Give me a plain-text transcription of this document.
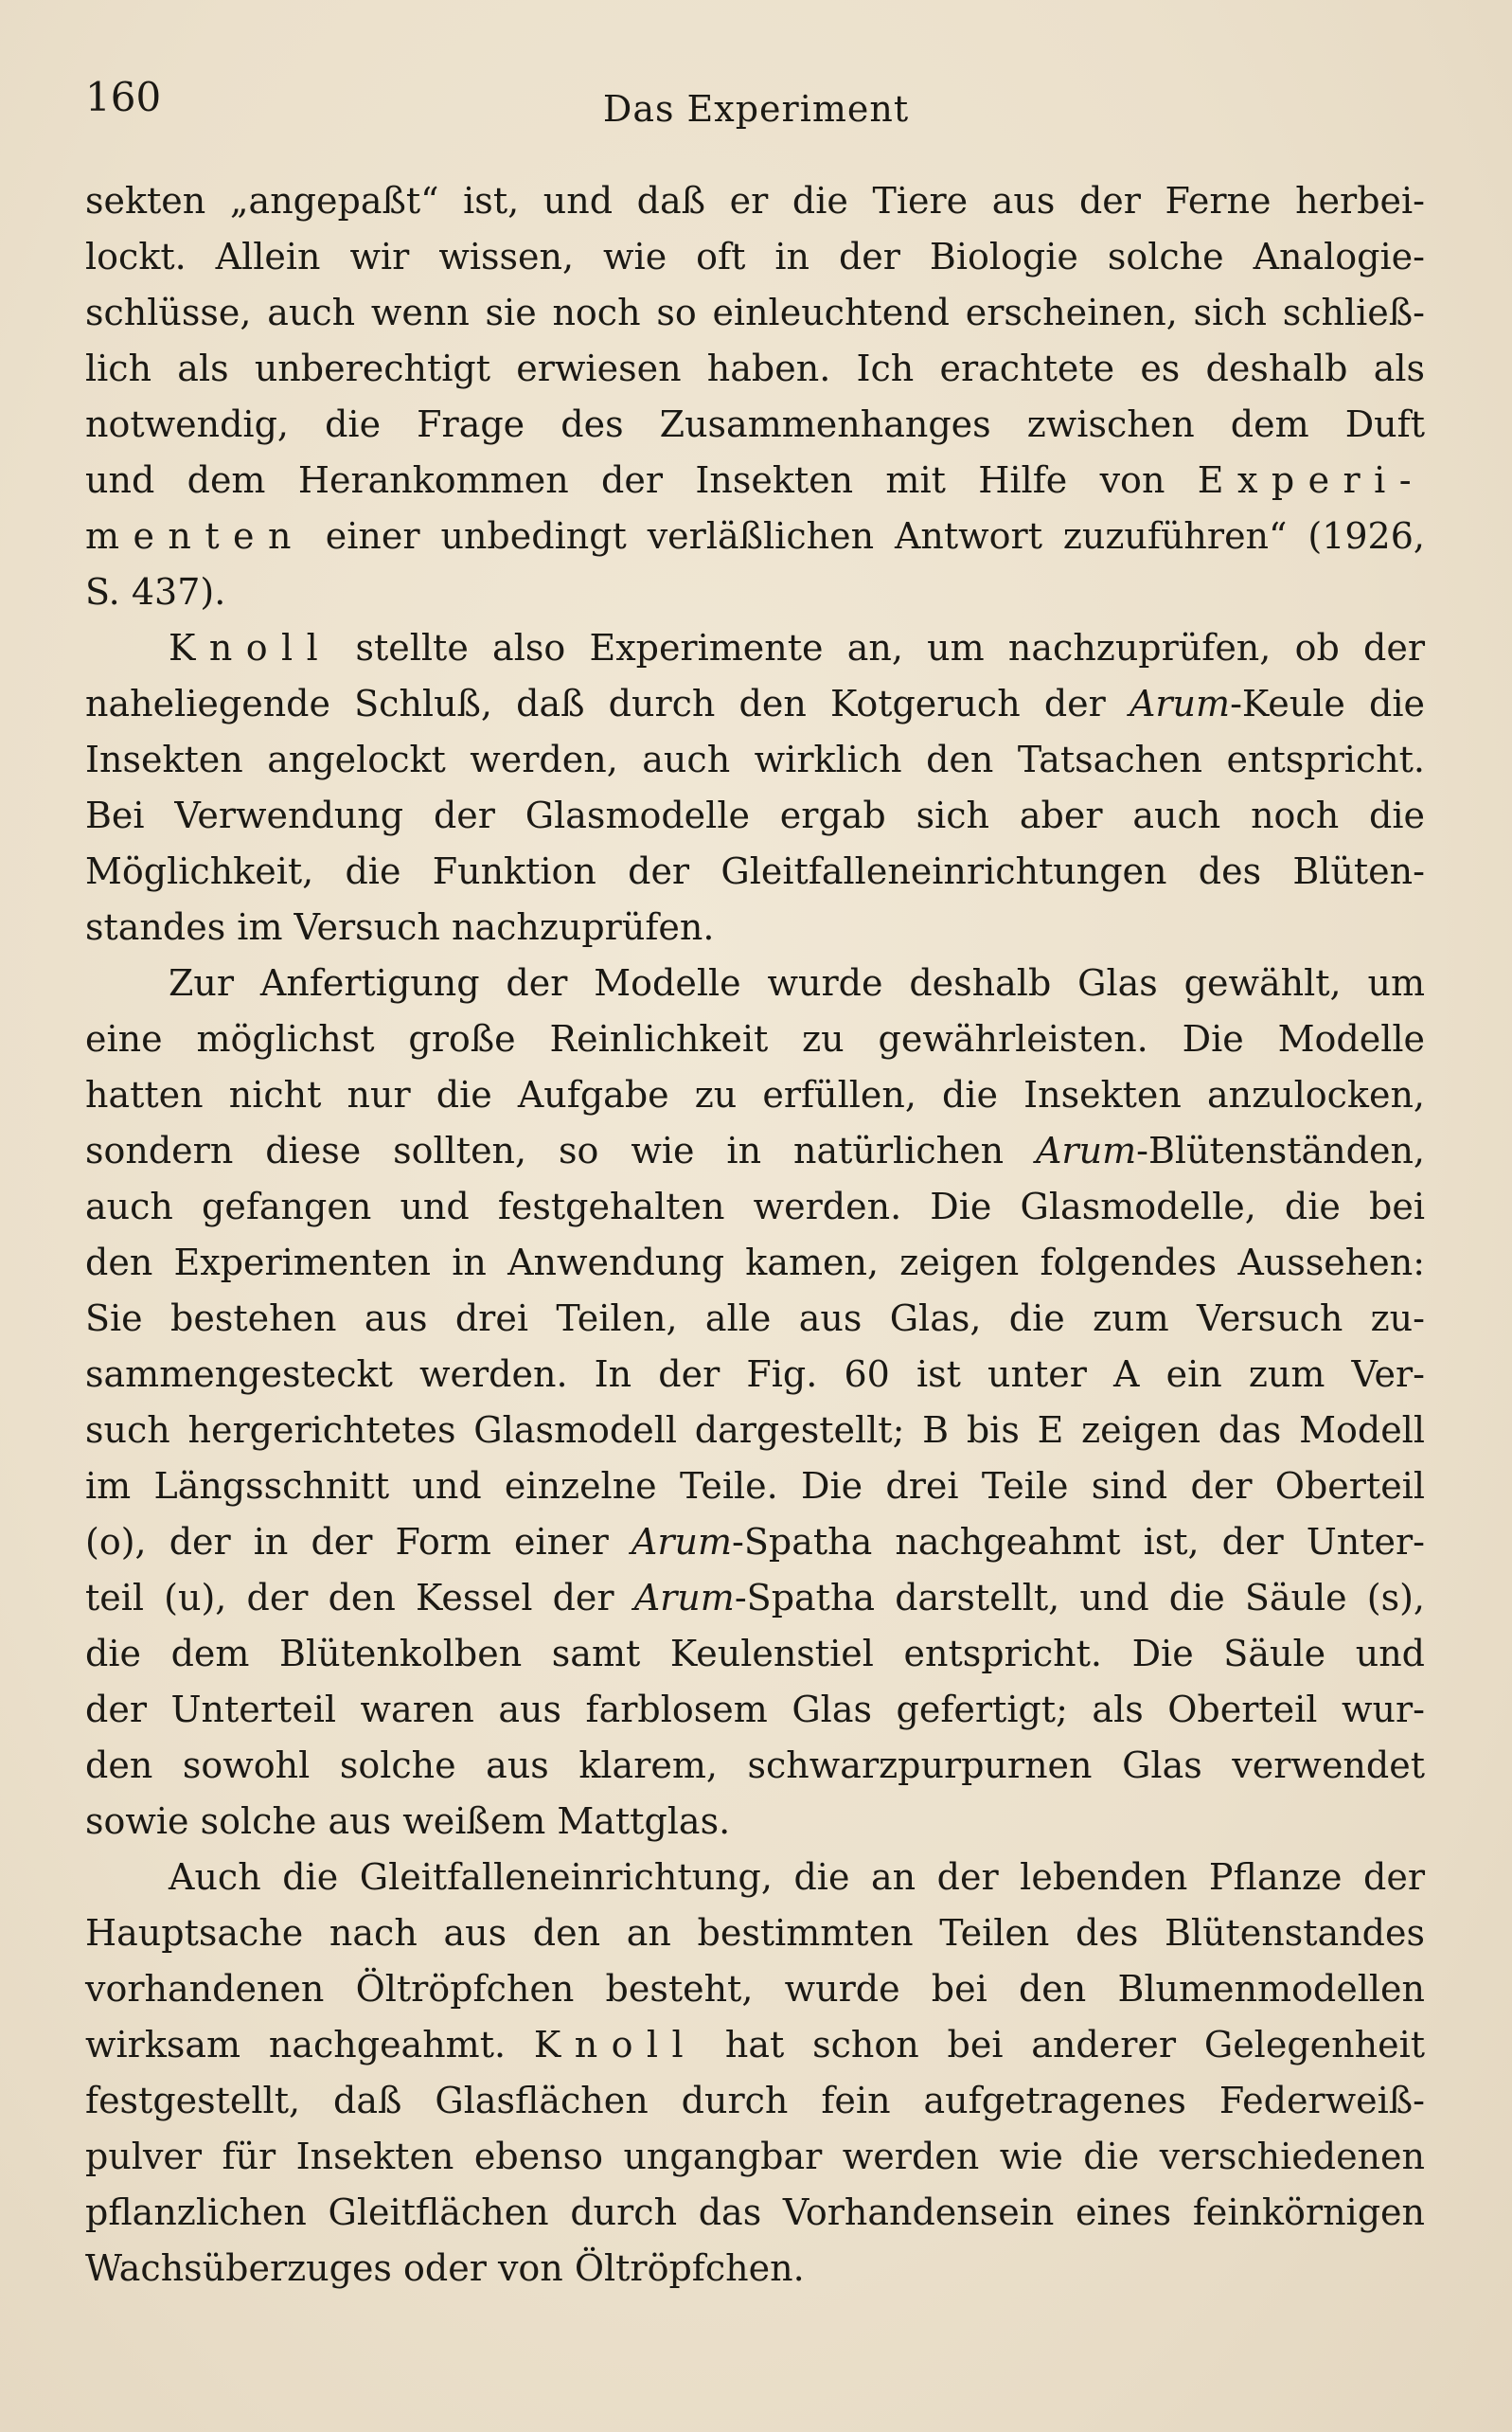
160	Das Experiment
sekten „angepaßt“ ist, und daß er die Tiere aus der Ferne herbei-
lockt. Allein wir wissen, wie oft in der Biologie solche Analogie-
schlüsse, auch wenn sie noch so einleuchtend erscheinen, sich schließ-
lich als unberechtigt erwiesen haben. Ich erachtete es deshalb als
notwendig, die Frage des Zusammenhanges zwischen dem Duft
und dem Herankommen der Insekten mit Hilfe von Experi-
menten einer unbedingt verläßlichen Antwort zuzuführen“ (1926,
S. 437).
Knoll stellte also Experimente an, um nachzuprüfen, ob der
naheliegende Schluß, daß durch den Kotgeruch der Arum-Keule die
Insekten angelockt werden, auch wirklich den Tatsachen entspricht.
Bei Verwendung der Glasmodelle ergab sich aber auch noch die
Möglichkeit, die Funktion der Gleitfalleneinrichtungen des Blüten-
standes im Versuch nachzuprüfen.
Zur Anfertigung der Modelle wurde deshalb Glas gewählt, um
eine möglichst große Reinlichkeit zu gewährleisten. Die Modelle
hatten nicht nur die Aufgabe zu erfüllen, die Insekten anzulocken,
sondern diese sollten, so wie in natürlichen Arum-Blütenständen,
auch gefangen und festgehalten werden. Die Glasmodelle, die bei
den Experimenten in Anwendung kamen, zeigen folgendes Aussehen:
Sie bestehen aus drei Teilen, alle aus Glas, die zum Versuch zu-
sammengesteckt werden. In der Fig. 60 ist unter A ein zum Ver-
such hergerichtetes Glasmodell dargestellt; B bis E zeigen das Modell
im Längsschnitt und einzelne Teile. Die drei Teile sind der Oberteil
(o), der in der Form einer Arum-Spatha nachgeahmt ist, der Unter-
teil (u), der den Kessel der Arum-Spatha darstellt, und die Säule (s),
die dem Blütenkolben samt Keulenstiel entspricht. Die Säule und
der Unterteil waren aus farblosem Glas gefertigt; als Oberteil wur-
den sowohl solche aus klarem, schwarzpurpurnen Glas verwendet
sowie solche aus weißem Mattglas.
Auch die Gleitfalleneinrichtung, die an der lebenden Pflanze der
Hauptsache nach aus den an bestimmten Teilen des Blütenstandes
vorhandenen Öltröpfchen besteht, wurde bei den Blumenmodellen
wirksam nachgeahmt. Knoll hat schon bei anderer Gelegenheit
festgestellt, daß Glasflächen durch fein aufgetragenes Federweiß-
pulver für Insekten ebenso ungangbar werden wie die verschiedenen
pflanzlichen Gleitflächen durch das Vorhandensein eines feinkörnigen
Wachsüberzuges oder von Öltröpfchen.
